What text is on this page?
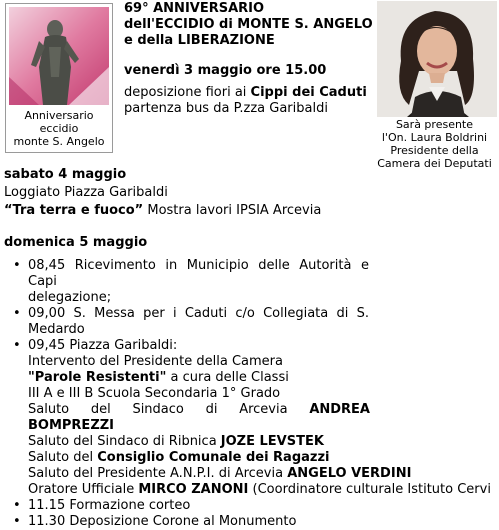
Anniversario
eccidio
monte S. Angelo
Sarà presente
l'On. Laura Boldrini
Presidente della
Camera dei Deputati
69° ANNIVERSARIO
dell'ECCIDIO di MONTE S. ANGELO
e della LIBERAZIONE
venerdì 3 maggio ore 15.00
deposizione fiori ai Cippi dei Caduti
partenza bus da P.zza Garibaldi
sabato 4 maggio
Loggiato Piazza Garibaldi
“Tra terra e fuoco” Mostra lavori IPSIA Arcevia
domenica 5 maggio
• 08,45 Ricevimento in Municipio delle Autorità e Capi
delegazione;
• 09,00 S. Messa per i Caduti c/o Collegiata di S.
Medardo
• 09,45 Piazza Garibaldi:
Intervento del Presidente della Camera
"Parole Resistenti" a cura delle Classi
III A e III B Scuola Secondaria 1° Grado
Saluto del Sindaco di Arcevia ANDREA
BOMPREZZI
Saluto del Sindaco di Ribnica JOZE LEVSTEK
Saluto del Consiglio Comunale dei Ragazzi
Saluto del Presidente A.N.P.I. di Arcevia ANGELO VERDINI
Oratore Ufficiale MIRCO ZANONI (Coordinatore culturale Istituto Cervi
• 11.15 Formazione corteo
• 11.30 Deposizione Corone al Monumento
